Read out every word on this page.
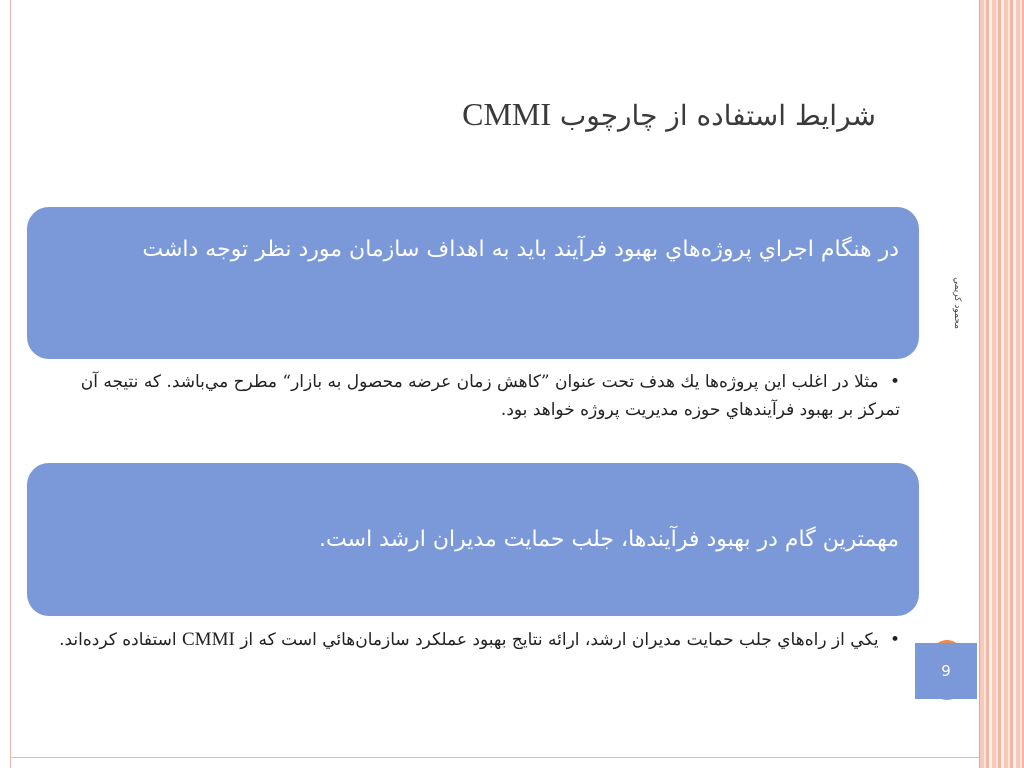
شرايط استفاده از چارچوب CMMI
محمود کريمي
در هنگام اجراي پروژه‌هاي بهبود فرآيند بايد به اهداف سازمان مورد نظر توجه داشت
• مثلا در اغلب اين پروژه‌ها يك هدف تحت عنوان ”كاهش زمان عرضه محصول به بازار“ مطرح مي‌باشد. كه نتيجه آن تمركز بر بهبود فرآيندهاي حوزه مديريت پروژه خواهد بود.
مهمترين گام در بهبود فرآيندها، جلب حمايت مديران ارشد است.
• يكي از راه‌هاي جلب حمايت مديران ارشد، ارائه نتايج بهبود عملكرد سازمان‌هائي است كه از CMMI استفاده كرده‌اند.
9
